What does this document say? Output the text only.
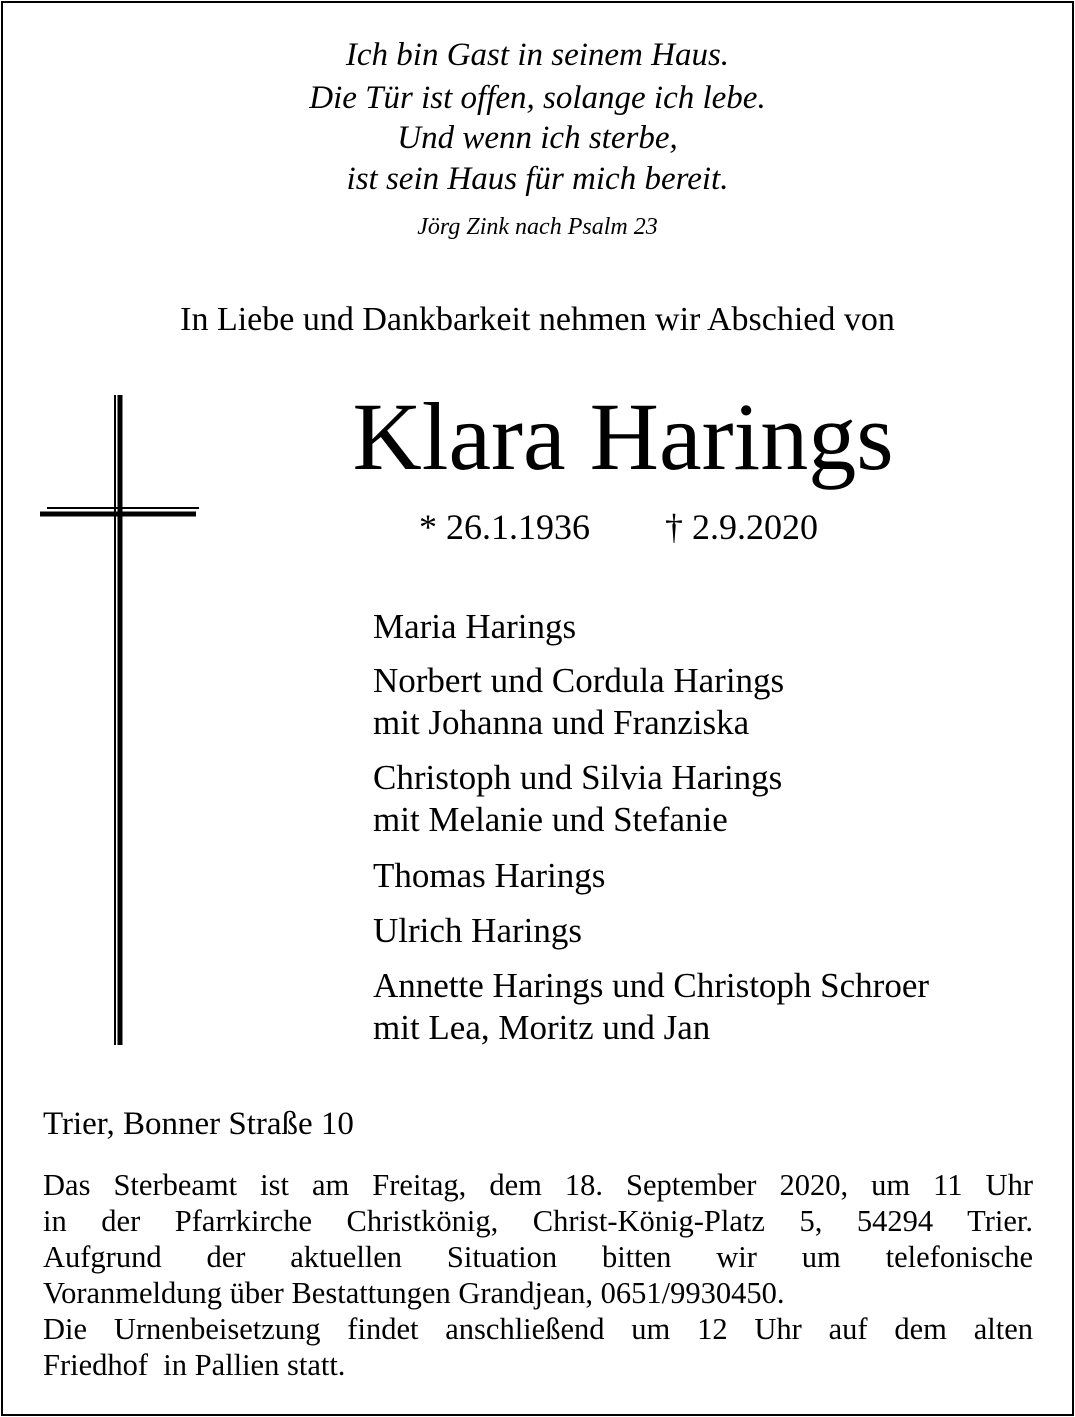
Ich bin Gast in seinem Haus.
Die Tür ist offen, solange ich lebe.
Und wenn ich sterbe,
ist sein Haus für mich bereit.
Jörg Zink nach Psalm 23
In Liebe und Dankbarkeit nehmen wir Abschied von
Klara Harings
* 26.1.1936 † 2.9.2020
Maria Harings
Norbert und Cordula Harings
mit Johanna und Franziska
Christoph und Silvia Harings
mit Melanie und Stefanie
Thomas Harings
Ulrich Harings
Annette Harings und Christoph Schroer
mit Lea, Moritz und Jan
Trier, Bonner Straße 10
Das Sterbeamt ist am Freitag, dem 18. September 2020, um 11 Uhr
in der Pfarrkirche Christkönig, Christ-König-Platz 5, 54294 Trier.
Aufgrund der aktuellen Situation bitten wir um telefonische
Voranmeldung über Bestattungen Grandjean, 0651/9930450.
Die Urnenbeisetzung findet anschließend um 12 Uhr auf dem alten
Friedhof  in Pallien statt.
